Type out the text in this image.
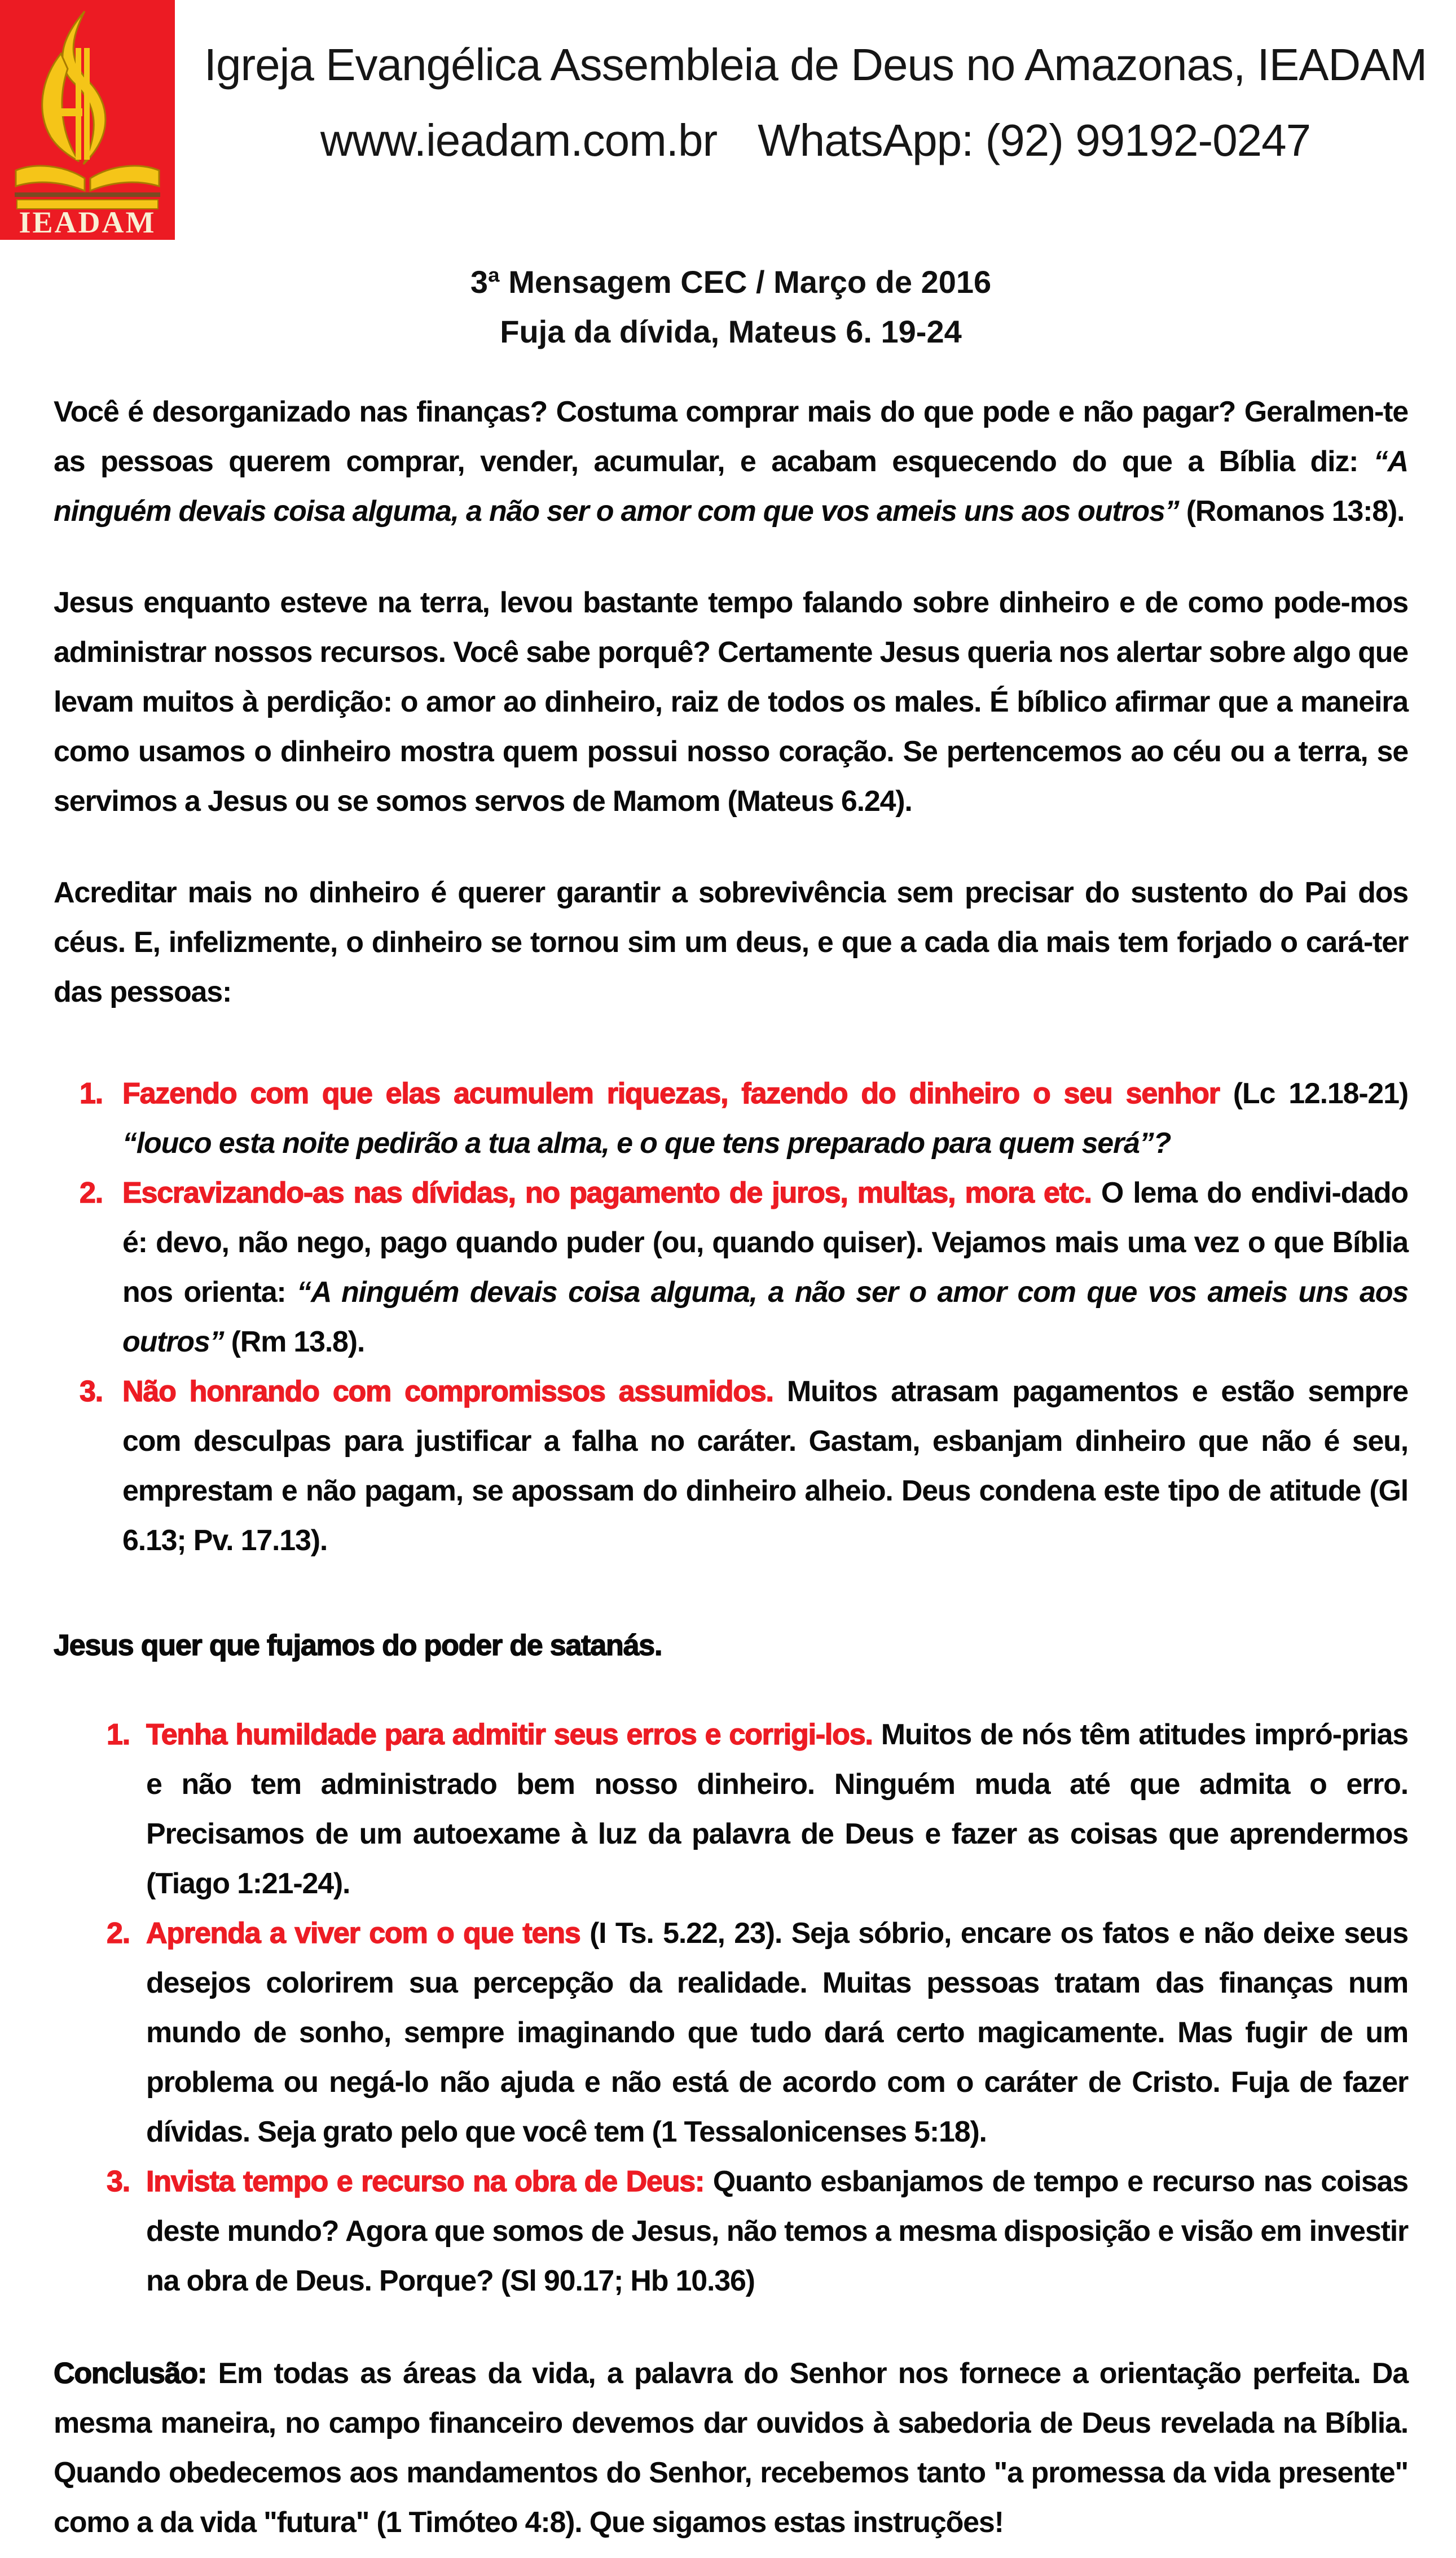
IEADAM
Igreja Evangélica Assembleia de Deus no Amazonas, IEADAM
www.ieadam.com.br WhatsApp: (92) 99192-0247
3ª Mensagem CEC / Março de 2016
Fuja da dívida, Mateus 6. 19-24

Você é desorganizado nas finanças? Costuma comprar mais do que pode e não pagar? Geralmen-te as pessoas querem comprar, vender, acumular, e acabam esquecendo do que a Bíblia diz: “A ninguém devais coisa alguma, a não ser o amor com que vos ameis uns aos outros” (Romanos 13:8).

Jesus enquanto esteve na terra, levou bastante tempo falando sobre dinheiro e de como pode-mos administrar nossos recursos. Você sabe porquê? Certamente Jesus queria nos alertar sobre algo que levam muitos à perdição: o amor ao dinheiro, raiz de todos os males. É bíblico afirmar que a maneira como usamos o dinheiro mostra quem possui nosso coração. Se pertencemos ao céu ou a terra, se servimos a Jesus ou se somos servos de Mamom (Mateus 6.24).

Acreditar mais no dinheiro é querer garantir a sobrevivência sem precisar do sustento do Pai dos céus. E, infelizmente, o dinheiro se tornou sim um deus, e que a cada dia mais tem forjado o cará-ter das pessoas:

1. Fazendo com que elas acumulem riquezas, fazendo do dinheiro o seu senhor (Lc 12.18-21) “louco esta noite pedirão a tua alma, e o que tens preparado para quem será”?
2. Escravizando-as nas dívidas, no pagamento de juros, multas, mora etc. O lema do endivi-dado é: devo, não nego, pago quando puder (ou, quando quiser). Vejamos mais uma vez o que Bíblia nos orienta: “A ninguém devais coisa alguma, a não ser o amor com que vos ameis uns aos outros” (Rm 13.8).
3. Não honrando com compromissos assumidos. Muitos atrasam pagamentos e estão sempre com desculpas para justificar a falha no caráter. Gastam, esbanjam dinheiro que não é seu, emprestam e não pagam, se apossam do dinheiro alheio. Deus condena este tipo de atitude (Gl 6.13; Pv. 17.13).

Jesus quer que fujamos do poder de satanás.

1. Tenha humildade para admitir seus erros e corrigi-los. Muitos de nós têm atitudes impró-prias e não tem administrado bem nosso dinheiro. Ninguém muda até que admita o erro. Precisamos de um autoexame à luz da palavra de Deus e fazer as coisas que aprendermos (Tiago 1:21-24).
2. Aprenda a viver com o que tens (I Ts. 5.22, 23). Seja sóbrio, encare os fatos e não deixe seus desejos colorirem sua percepção da realidade. Muitas pessoas tratam das finanças num mundo de sonho, sempre imaginando que tudo dará certo magicamente. Mas fugir de um problema ou negá-lo não ajuda e não está de acordo com o caráter de Cristo. Fuja de fazer dívidas. Seja grato pelo que você tem (1 Tessalonicenses 5:18).
3. Invista tempo e recurso na obra de Deus: Quanto esbanjamos de tempo e recurso nas coisas deste mundo? Agora que somos de Jesus, não temos a mesma disposição e visão em investir na obra de Deus. Porque? (Sl 90.17; Hb 10.36)

Conclusão: Em todas as áreas da vida, a palavra do Senhor nos fornece a orientação perfeita. Da mesma maneira, no campo financeiro devemos dar ouvidos à sabedoria de Deus revelada na Bíblia. Quando obedecemos aos mandamentos do Senhor, recebemos tanto "a promessa da vida presente" como a da vida "futura" (1 Timóteo 4:8). Que sigamos estas instruções!
